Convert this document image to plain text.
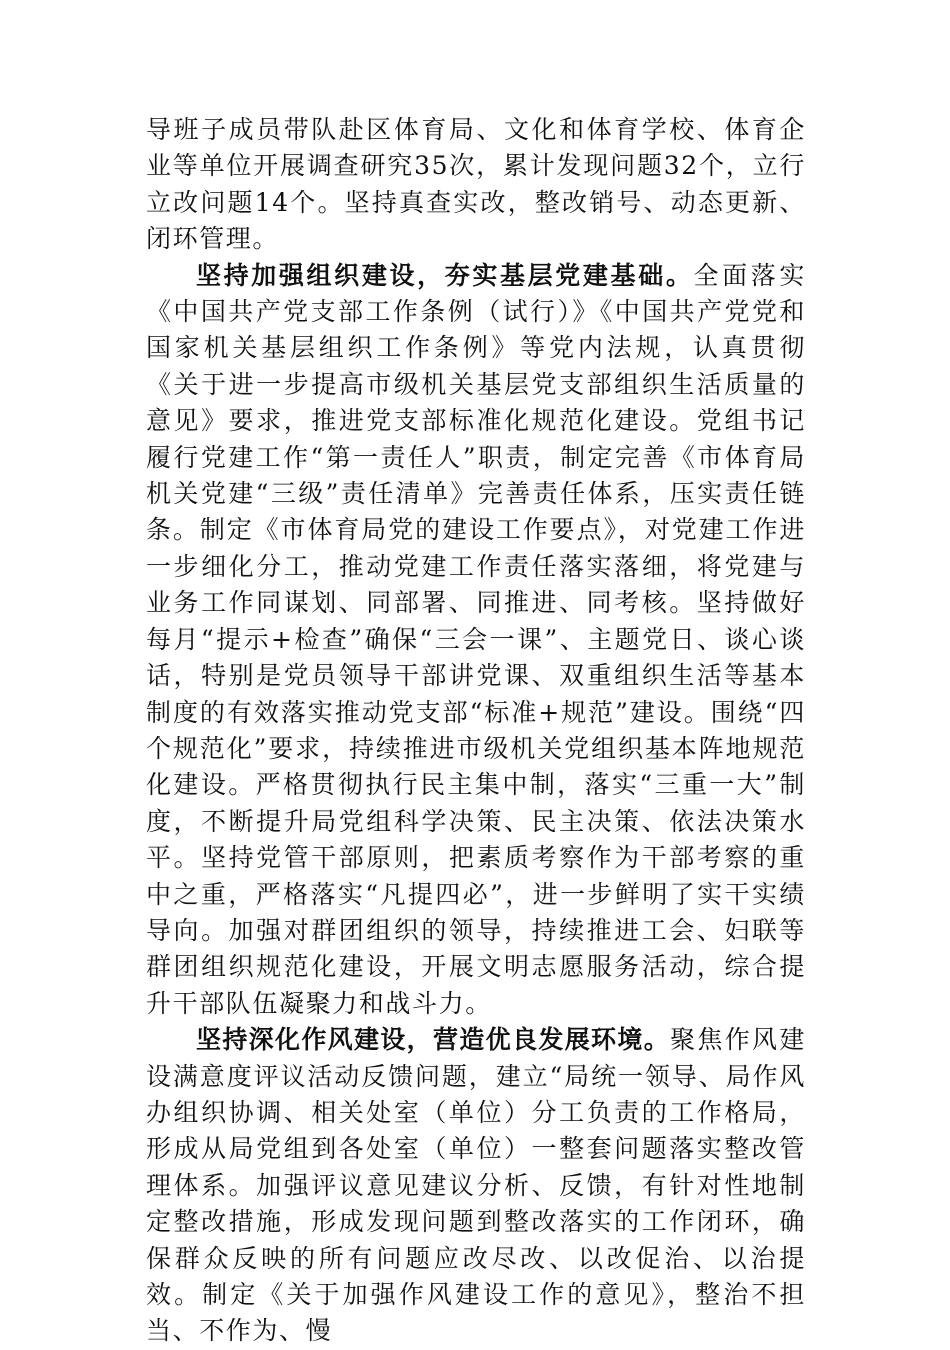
导班子成员带队赴区体育局、文化和体育学校、体育企业等单位开展调查研究35次，累计发现问题32个，立行立改问题14个。坚持真查实改，整改销号、动态更新、闭环管理。

坚持加强组织建设，夯实基层党建基础。全面落实《中国共产党支部工作条例（试行）》《中国共产党党和国家机关基层组织工作条例》等党内法规，认真贯彻《关于进一步提高市级机关基层党支部组织生活质量的意见》要求，推进党支部标准化规范化建设。党组书记履行党建工作“第一责任人”职责，制定完善《市体育局机关党建“三级”责任清单》完善责任体系，压实责任链条。制定《市体育局党的建设工作要点》，对党建工作进一步细化分工，推动党建工作责任落实落细，将党建与业务工作同谋划、同部署、同推进、同考核。坚持做好每月“提示+检查”确保“三会一课”、主题党日、谈心谈话，特别是党员领导干部讲党课、双重组织生活等基本制度的有效落实推动党支部“标准+规范”建设。围绕“四个规范化”要求，持续推进市级机关党组织基本阵地规范化建设。严格贯彻执行民主集中制，落实“三重一大”制度，不断提升局党组科学决策、民主决策、依法决策水平。坚持党管干部原则，把素质考察作为干部考察的重中之重，严格落实“凡提四必”，进一步鲜明了实干实绩导向。加强对群团组织的领导，持续推进工会、妇联等群团组织规范化建设，开展文明志愿服务活动，综合提升干部队伍凝聚力和战斗力。

坚持深化作风建设，营造优良发展环境。聚焦作风建设满意度评议活动反馈问题，建立“局统一领导、局作风办组织协调、相关处室（单位）分工负责的工作格局，形成从局党组到各处室（单位）一整套问题落实整改管理体系。加强评议意见建议分析、反馈，有针对性地制定整改措施，形成发现问题到整改落实的工作闭环，确保群众反映的所有问题应改尽改、以改促治、以治提效。制定《关于加强作风建设工作的意见》，整治不担当、不作为、慢
